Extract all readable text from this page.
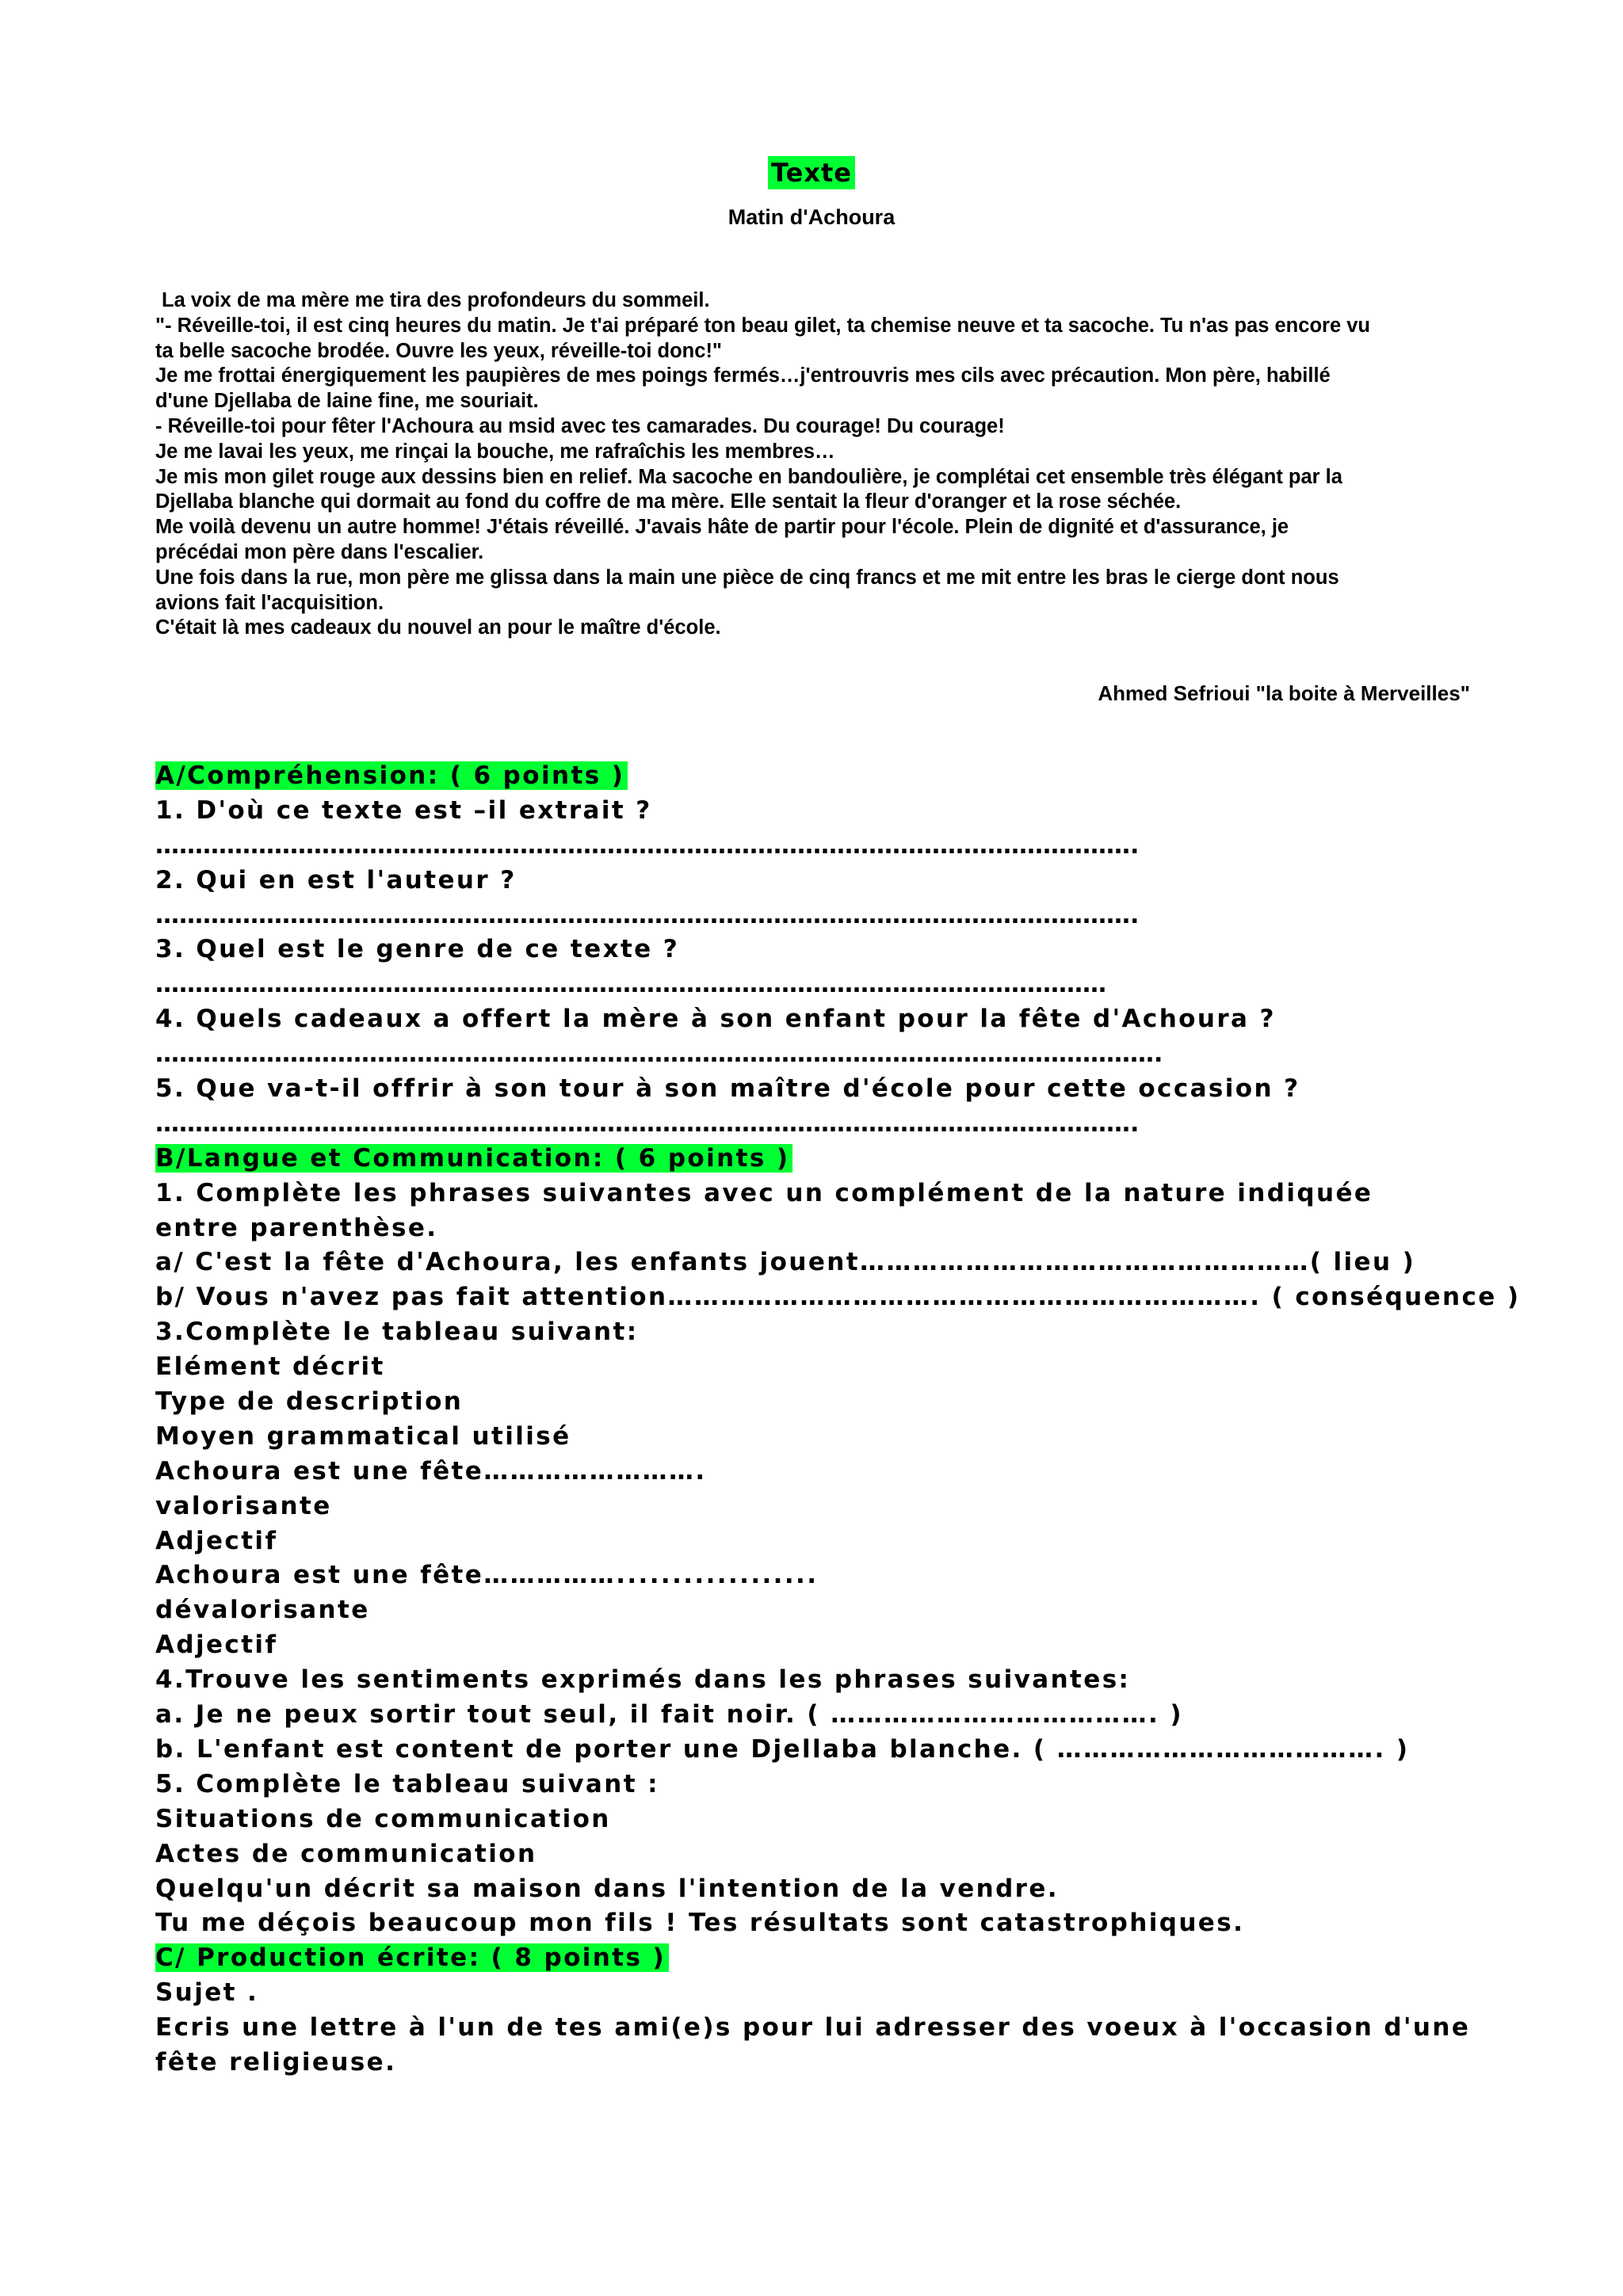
Texte
Matin d'Achoura

La voix de ma mère me tira des profondeurs du sommeil.

"- Réveille-toi, il est cinq heures du matin. Je t'ai préparé ton beau gilet, ta chemise neuve et ta sacoche. Tu n'as pas encore vu

ta belle sacoche brodée. Ouvre les yeux, réveille-toi donc!"

Je me frottai énergiquement les paupières de mes poings fermés…j'entrouvris mes cils avec précaution. Mon père, habillé

d'une Djellaba de laine fine, me souriait.

- Réveille-toi pour fêter l'Achoura au msid avec tes camarades. Du courage! Du courage!

Je me lavai les yeux, me rinçai la bouche, me rafraîchis les membres…

Je mis mon gilet rouge aux dessins bien en relief. Ma sacoche en bandoulière, je complétai cet ensemble très élégant par la

Djellaba blanche qui dormait au fond du coffre de ma mère. Elle sentait la fleur d'oranger et la rose séchée.

Me voilà devenu un autre homme! J'étais réveillé. J'avais hâte de partir pour l'école. Plein de dignité et d'assurance, je

précédai mon père dans l'escalier.

Une fois dans la rue, mon père me glissa dans la main une pièce de cinq francs et me mit entre les bras le cierge dont nous

avions fait l'acquisition.

C'était là mes cadeaux du nouvel an pour le maître d'école.

Ahmed Sefrioui "la boite à Merveilles"
A/Compréhension: ( 6 points )
1. D'où ce texte est –il extrait ?
…………………………………………………………………………………………………………….
2. Qui en est l'auteur ?
…………………………………………………………………………………………………………….
3. Quel est le genre de ce texte ?
…………………………………………………………………………………………………………
4. Quels cadeaux a offert la mère à son enfant pour la fête d'Achoura ?
……………………………………………………………………………………………………………….
5. Que va-t-il offrir à son tour à son maître d'école pour cette occasion ?
…………………………………………………………………………………………………………….
B/Langue et Communication: ( 6 points )
1. Complète les phrases suivantes avec un complément de la nature indiquée
entre parenthèse.
a/ C'est la fête d'Achoura, les enfants jouent……………………………………………( lieu )
b/ Vous n'avez pas fait attention…………………………………………………………. ( conséquence )
3.Complète le tableau suivant:
Elément décrit
Type de description
Moyen grammatical utilisé
Achoura est une fête…………………….
valorisante
Adjectif
Achoura est une fête……………..................
dévalorisante
Adjectif
4.Trouve les sentiments exprimés dans les phrases suivantes:
a. Je ne peux sortir tout seul, il fait noir. ( ………………………………. )
b. L'enfant est content de porter une Djellaba blanche. ( ………………………………. )
5. Complète le tableau suivant :
Situations de communication
Actes de communication
Quelqu'un décrit sa maison dans l'intention de la vendre.
Tu me déçois beaucoup mon fils ! Tes résultats sont catastrophiques.
C/ Production écrite: ( 8 points )
Sujet .
Ecris une lettre à l'un de tes ami(e)s pour lui adresser des voeux à l'occasion d'une
fête religieuse.
